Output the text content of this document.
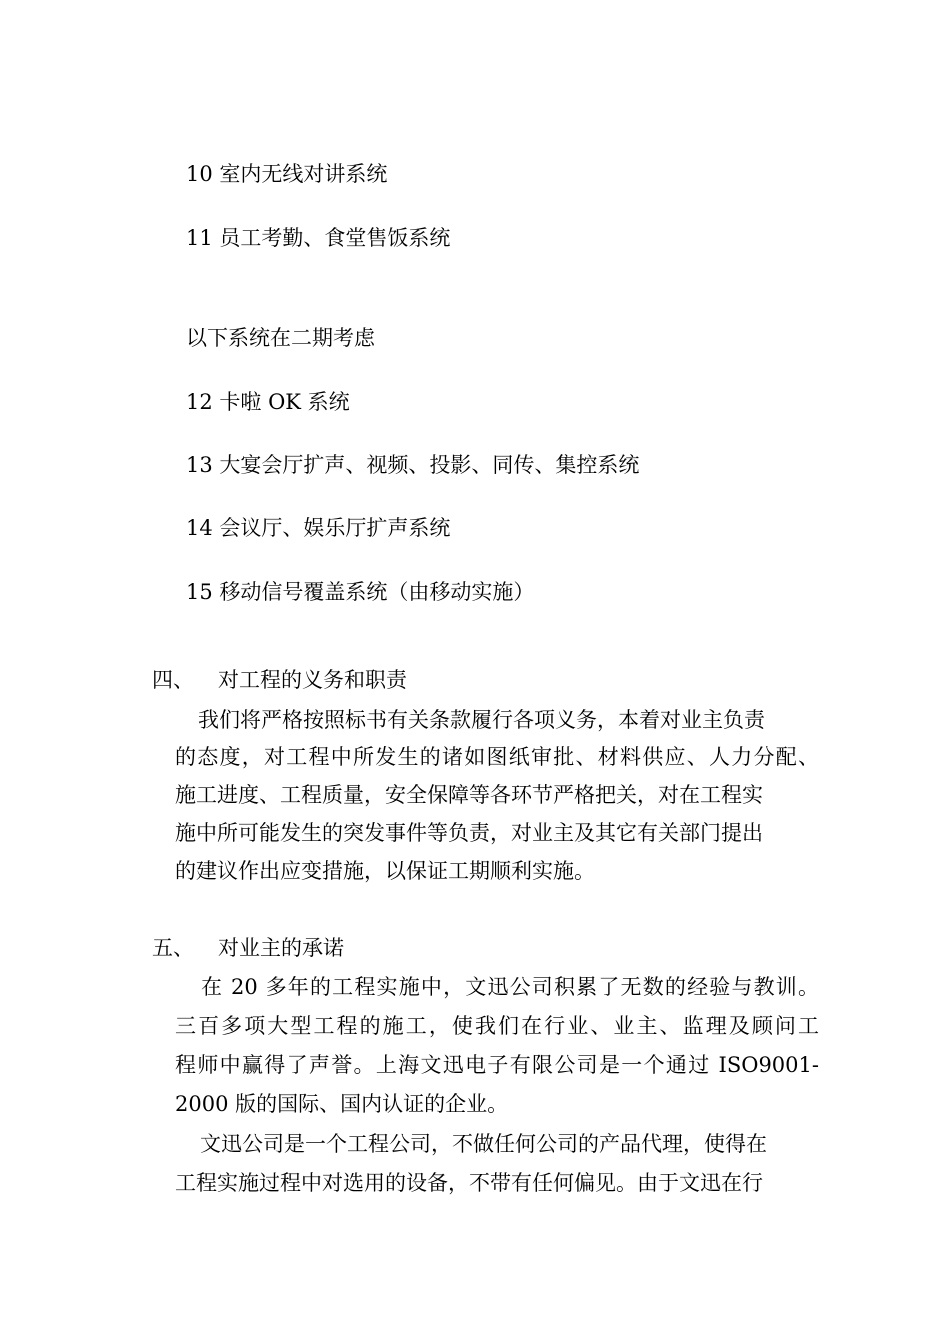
10 室内无线对讲系统
11 员工考勤、食堂售饭系统
以下系统在二期考虑
12 卡啦 OK 系统
13 大宴会厅扩声、视频、投影、同传、集控系统
14 会议厅、娱乐厅扩声系统
15 移动信号覆盖系统（由移动实施）
四、 对工程的义务和职责
我们将严格按照标书有关条款履行各项义务，本着对业主负责
的态度，对工程中所发生的诸如图纸审批、材料供应、人力分配、
施工进度、工程质量，安全保障等各环节严格把关，对在工程实
施中所可能发生的突发事件等负责，对业主及其它有关部门提出
的建议作出应变措施，以保证工期顺利实施。
五、 对业主的承诺
在 20 多年的工程实施中，文迅公司积累了无数的经验与教训。
三百多项大型工程的施工，使我们在行业、业主、监理及顾问工
程师中赢得了声誉。上海文迅电子有限公司是一个通过 ISO9001-
2000 版的国际、国内认证的企业。
文迅公司是一个工程公司，不做任何公司的产品代理，使得在
工程实施过程中对选用的设备，不带有任何偏见。由于文迅在行
